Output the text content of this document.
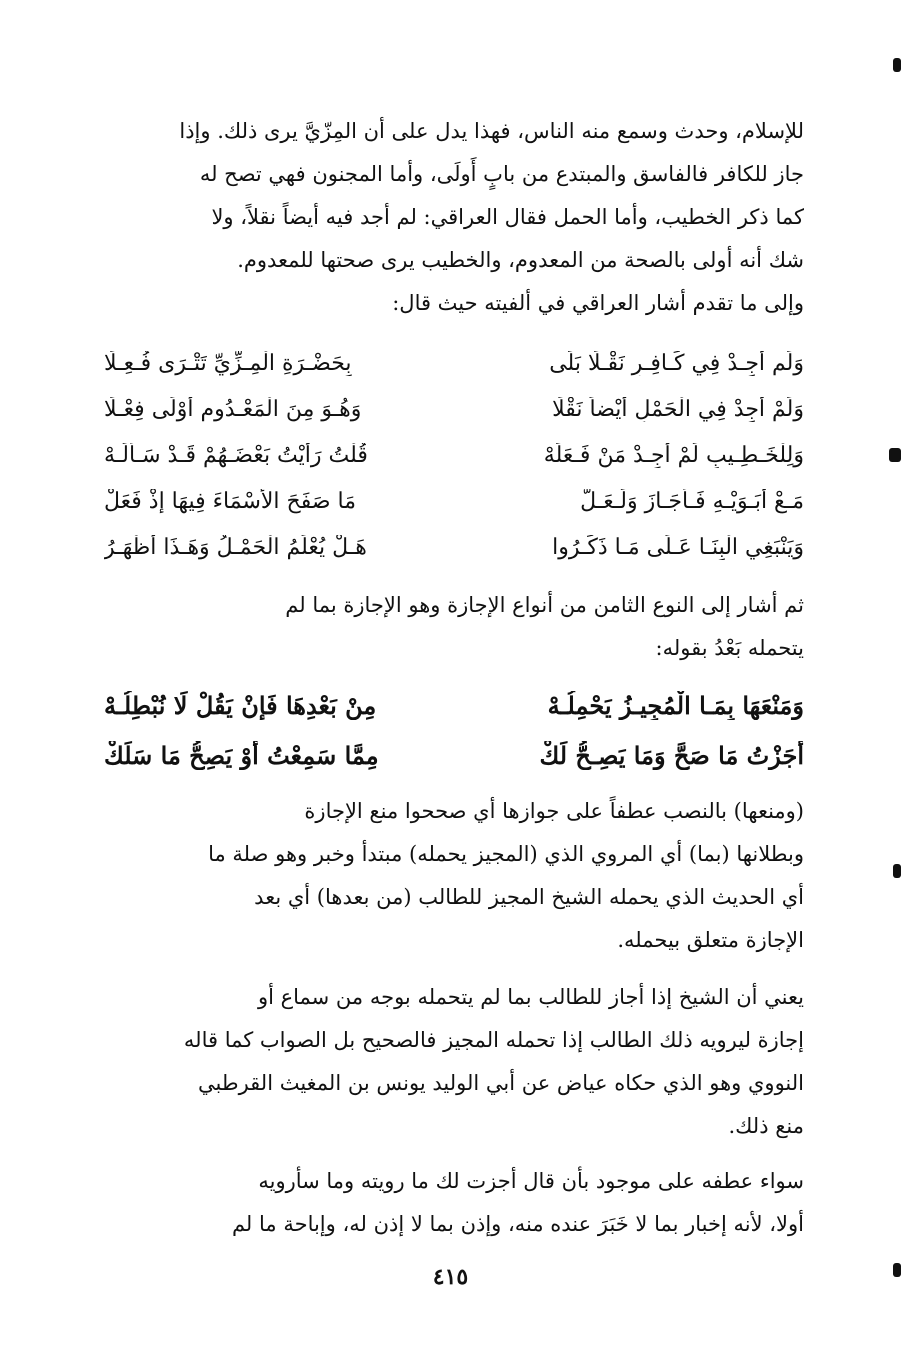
للإسلام، وحدث وسمع منه الناس، فهذا يدل على أن المِزّيَّ يرى ذلك. وإذا
جاز للكافر فالفاسق والمبتدع من بابٍ أَولَى، وأما المجنون فهي تصح له
كما ذكر الخطيب، وأما الحمل فقال العراقي: لم أجد فيه أيضاً نقلاً، ولا
شك أنه أولى بالصحة من المعدوم، والخطيب يرى صحتها للمعدوم.
وإلى ما تقدم أشار العراقي في ألفيته حيث قال:
وَلَم أَجِـدْ فِي كَـافِـرٍ نَقْـلًا بَلَى
بِحَضْـرَةِ الْمِـزِّيِّ تَتْـرَى فُـعِـلَا
وَلَمْ أَجِدْ فِي الْحَمْلِ أَيْضاً نَقْلًا
وَهُـوَ مِنَ الْمَعْـدُومِ أَوْلَى فِعْـلَا
وَلِلْخَـطِـيبِ لَمْ أَجِـدْ مَنْ فَـعَلَهْ
قُلْتُ رَأَيْتُ بَعْضَـهُمْ قَـدْ سَـأَلَـهْ
مَـعْ أَبَـوَيْـهِ فَـأَجَـازَ وَلَـعَـلّ
مَا صَفَحَ الأَسْمَاءَ فِيهَا إِذْ فَعَلْ
وَيَنْبَغِي الْبِنَـا عَـلَى مَـا ذَكَـرُوا
هَـلْ يُعْلَمُ الْحَمْـلُ وَهَـذَا أَظْهَـرُ
ثم أشار إلى النوع الثامن من أنواع الإجازة وهو الإجازة بما لم
يتحمله بَعْدُ بقوله:
وَمَنْعَهَا بِمَـا الْمُجِيـزُ يَحْمِلُـهْ
مِنْ بَعْدِهَا فَإِنْ يَقُلْ لَا نُبْطِلُـهْ
أَجَزْتُ مَا صَحَّ وَمَا يَصِـحُّ لَكْ
مِمَّا سَمِعْتُ أَوْ يَصِحُّ مَا سَلَكْ
(ومنعها) بالنصب عطفاً على جوازها أي صححوا منع الإجازة
وبطلانها (بما) أي المروي الذي (المجيز يحمله) مبتدأ وخبر وهو صلة ما
أي الحديث الذي يحمله الشيخ المجيز للطالب (من بعدها) أي بعد
الإجازة متعلق بيحمله.
يعني أن الشيخ إذا أجاز للطالب بما لم يتحمله بوجه من سماع أو
إجازة ليرويه ذلك الطالب إذا تحمله المجيز فالصحيح بل الصواب كما قاله
النووي وهو الذي حكاه عياض عن أبي الوليد يونس بن المغيث القرطبي
منع ذلك.
سواء عطفه على موجود بأن قال أجزت لك ما رويته وما سأرويه
أولا، لأنه إخبار بما لا خَبَرَ عنده منه، وإذن بما لا إذن له، وإباحة ما لم
٤١٥
